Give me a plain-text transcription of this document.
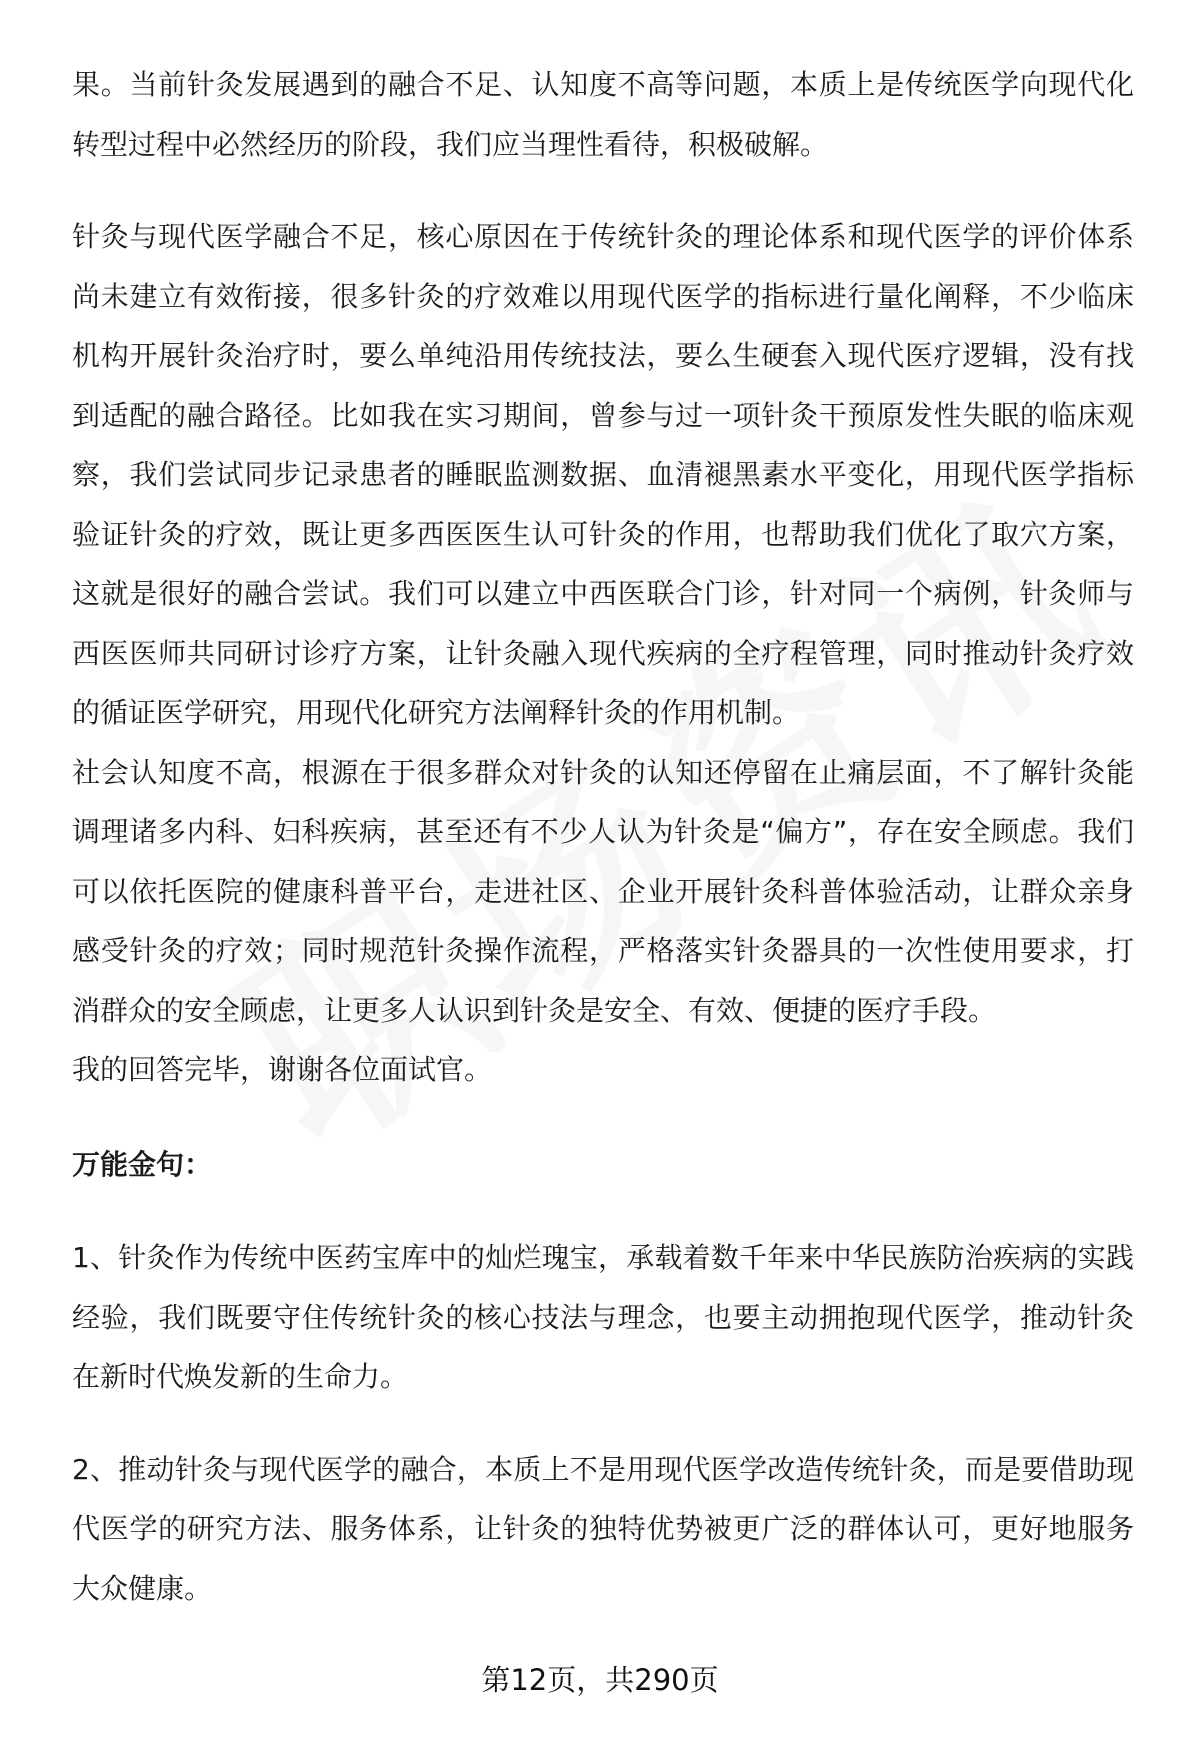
果。当前针灸发展遇到的融合不足、认知度不高等问题，本质上是传统医学向现代化转型过程中必然经历的阶段，我们应当理性看待，积极破解。

针灸与现代医学融合不足，核心原因在于传统针灸的理论体系和现代医学的评价体系尚未建立有效衔接，很多针灸的疗效难以用现代医学的指标进行量化阐释，不少临床机构开展针灸治疗时，要么单纯沿用传统技法，要么生硬套入现代医疗逻辑，没有找到适配的融合路径。比如我在实习期间，曾参与过一项针灸干预原发性失眠的临床观察，我们尝试同步记录患者的睡眠监测数据、血清褪黑素水平变化，用现代医学指标验证针灸的疗效，既让更多西医医生认可针灸的作用，也帮助我们优化了取穴方案，这就是很好的融合尝试。我们可以建立中西医联合门诊，针对同一个病例，针灸师与西医医师共同研讨诊疗方案，让针灸融入现代疾病的全疗程管理，同时推动针灸疗效的循证医学研究，用现代化研究方法阐释针灸的作用机制。

社会认知度不高，根源在于很多群众对针灸的认知还停留在止痛层面，不了解针灸能调理诸多内科、妇科疾病，甚至还有不少人认为针灸是“偏方”，存在安全顾虑。我们可以依托医院的健康科普平台，走进社区、企业开展针灸科普体验活动，让群众亲身感受针灸的疗效；同时规范针灸操作流程，严格落实针灸器具的一次性使用要求，打消群众的安全顾虑，让更多人认识到针灸是安全、有效、便捷的医疗手段。

我的回答完毕，谢谢各位面试官。

万能金句：

1、针灸作为传统中医药宝库中的灿烂瑰宝，承载着数千年来中华民族防治疾病的实践经验，我们既要守住传统针灸的核心技法与理念，也要主动拥抱现代医学，推动针灸在新时代焕发新的生命力。

2、推动针灸与现代医学的融合，本质上不是用现代医学改造传统针灸，而是要借助现代医学的研究方法、服务体系，让针灸的独特优势被更广泛的群体认可，更好地服务大众健康。

第12页，共290页
